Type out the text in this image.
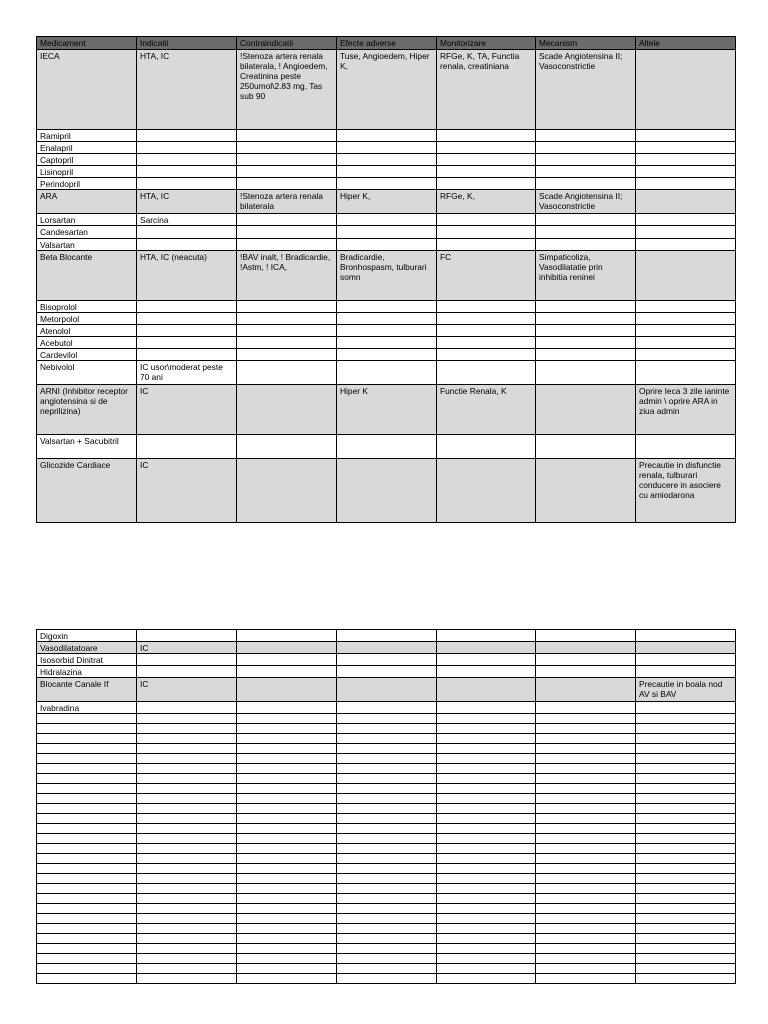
Medicament	Indicatii	Contraindicatii	Efecte adverse	Monitorizare	Mecanism	Altele
IECA	HTA, IC	!Stenoza artera renala bilaterala, ! Angioedem, Creatinina peste 250umol\2.83 mg, Tas sub 90	Tuse, Angioedem, Hiper K,	RFGe, K, TA, Functia renala, creatiniana	Scade Angiotensina II; Vasoconstrictie	
Ramipril						
Enalapril						
Captopril						
Lisinopril						
Perindopril						
ARA	HTA, IC	!Stenoza artera renala bilaterala	Hiper K,	RFGe, K,	Scade Angiotensina II; Vasoconstrictie	
Lorsartan	Sarcina					
Candesartan						
Valsartan						
Beta Blocante	HTA, IC (neacuta)	!BAV inalt, ! Bradicardie, !Astm, ! ICA,	Bradicardie, Bronhospasm, tulburari somn	FC	Simpaticoliza, Vasodilatatie prin inhibitia reninei	
Bisoprolol						
Metorpolol						
Atenolol						
Acebutol						
Cardevilol						
Nebivolol	IC usor\moderat peste 70 ani					
ARNI (Inhibitor receptor angiotensina si de neprilizina)	IC		Hiper K	Functie Renala, K		Oprire Ieca 3 zile ianinte admin \ oprire ARA in ziua admin
Valsartan + Sacubitril						
Glicozide Cardiace	IC					Precautie in disfunctie renala, tulburari conducere in asociere cu amiodarona
Digoxin						
Vasodilatatoare	IC					
Isosorbid Dinitrat						
Hidralazina						
Blocante Canale If	IC					Precautie in boala nod AV si BAV
Ivabradina						
